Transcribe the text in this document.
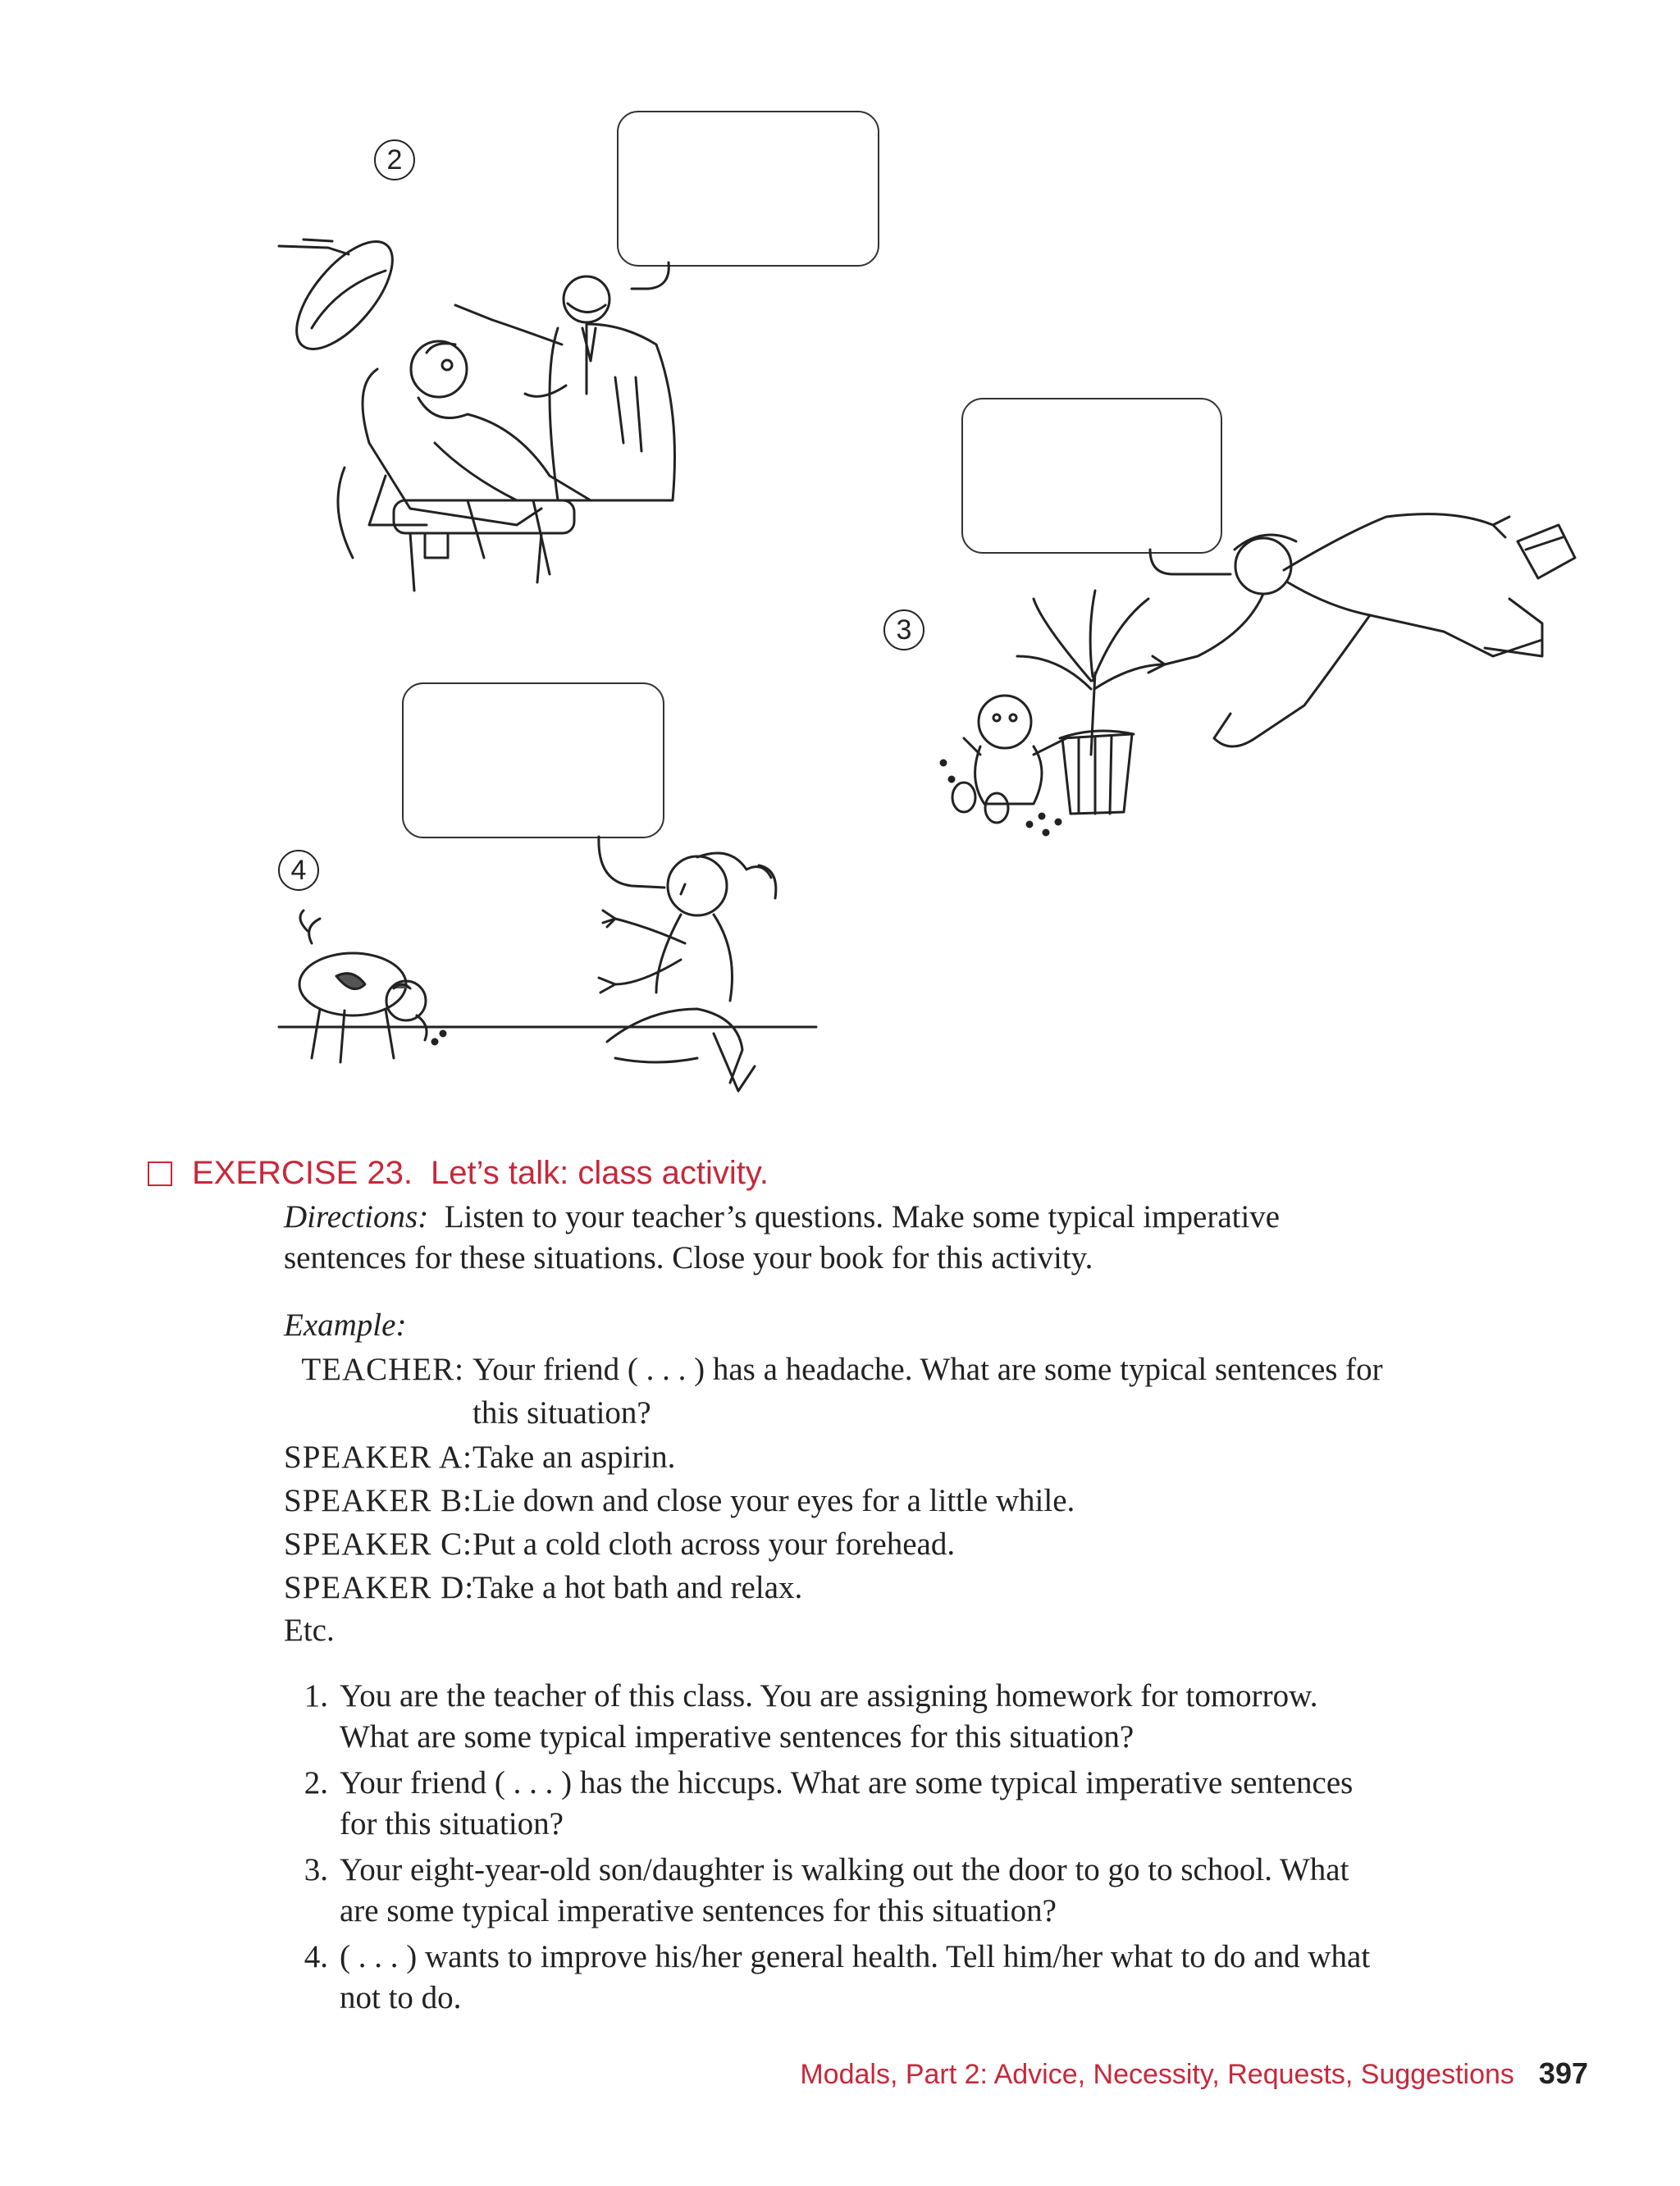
2
3
4
EXERCISE 23. Let’s talk: class activity.
Directions: Listen to your teacher’s questions. Make some typical imperative
sentences for these situations. Close your book for this activity.
Example:
TEACHER: Your friend ( . . . ) has a headache. What are some typical sentences for
this situation?
SPEAKER A: Take an aspirin.
SPEAKER B: Lie down and close your eyes for a little while.
SPEAKER C: Put a cold cloth across your forehead.
SPEAKER D:
Take a hot bath and relax.
Etc.
1. You are the teacher of this class. You are assigning homework for tomorrow.
What are some typical imperative sentences for this situation?
2. Your friend ( . . . ) has the hiccups. What are some typical imperative sentences
for this situation?
3. Your eight-year-old son/daughter is walking out the door to go to school. What
are some typical imperative sentences for this situation?
4. ( . . . ) wants to improve his/her general health. Tell him/her what to do and what
not to do.
Modals, Part 2: Advice, Necessity, Requests, Suggestions 397
